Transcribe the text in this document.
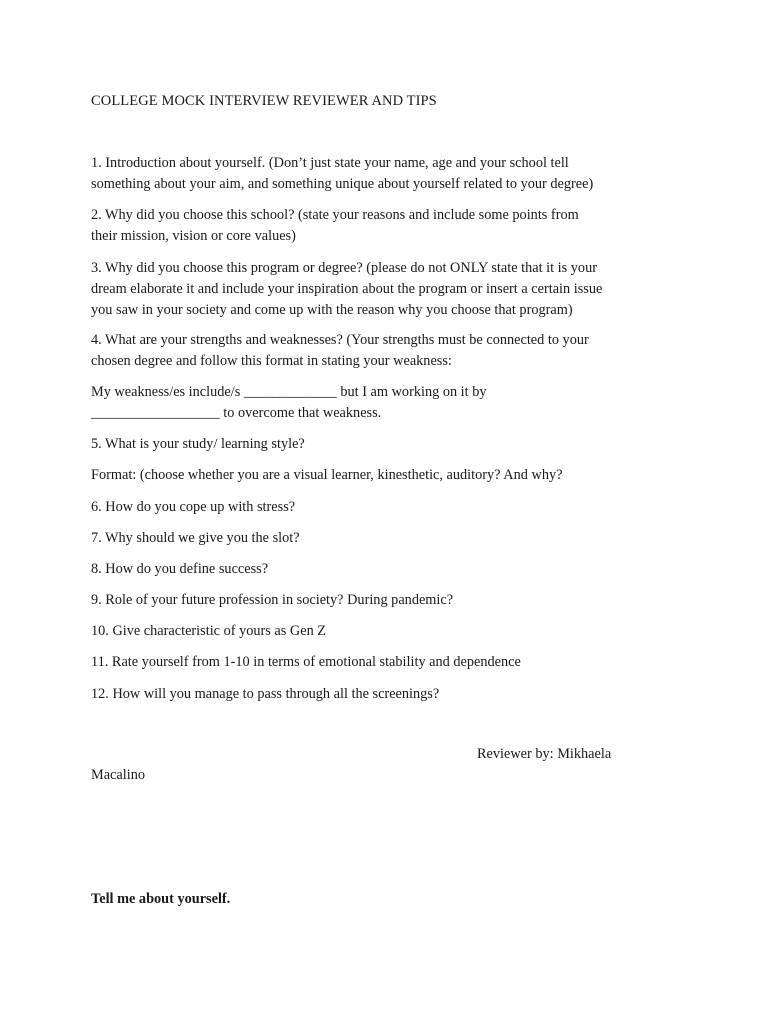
COLLEGE MOCK INTERVIEW REVIEWER AND TIPS
1. Introduction about yourself. (Don’t just state your name, age and your school tell
something about your aim, and something unique about yourself related to your degree)
2. Why did you choose this school? (state your reasons and include some points from
their mission, vision or core values)
3. Why did you choose this program or degree? (please do not ONLY state that it is your
dream elaborate it and include your inspiration about the program or insert a certain issue
you saw in your society and come up with the reason why you choose that program)
4. What are your strengths and weaknesses? (Your strengths must be connected to your
chosen degree and follow this format in stating your weakness:
My weakness/es include/s _____________ but I am working on it by
__________________ to overcome that weakness.
5. What is your study/ learning style?
Format: (choose whether you are a visual learner, kinesthetic, auditory? And why?
6. How do you cope up with stress?
7. Why should we give you the slot?
8. How do you define success?
9. Role of your future profession in society? During pandemic?
10. Give characteristic of yours as Gen Z
11. Rate yourself from 1-10 in terms of emotional stability and dependence
12. How will you manage to pass through all the screenings?
Reviewer by: Mikhaela
Macalino
Tell me about yourself.
